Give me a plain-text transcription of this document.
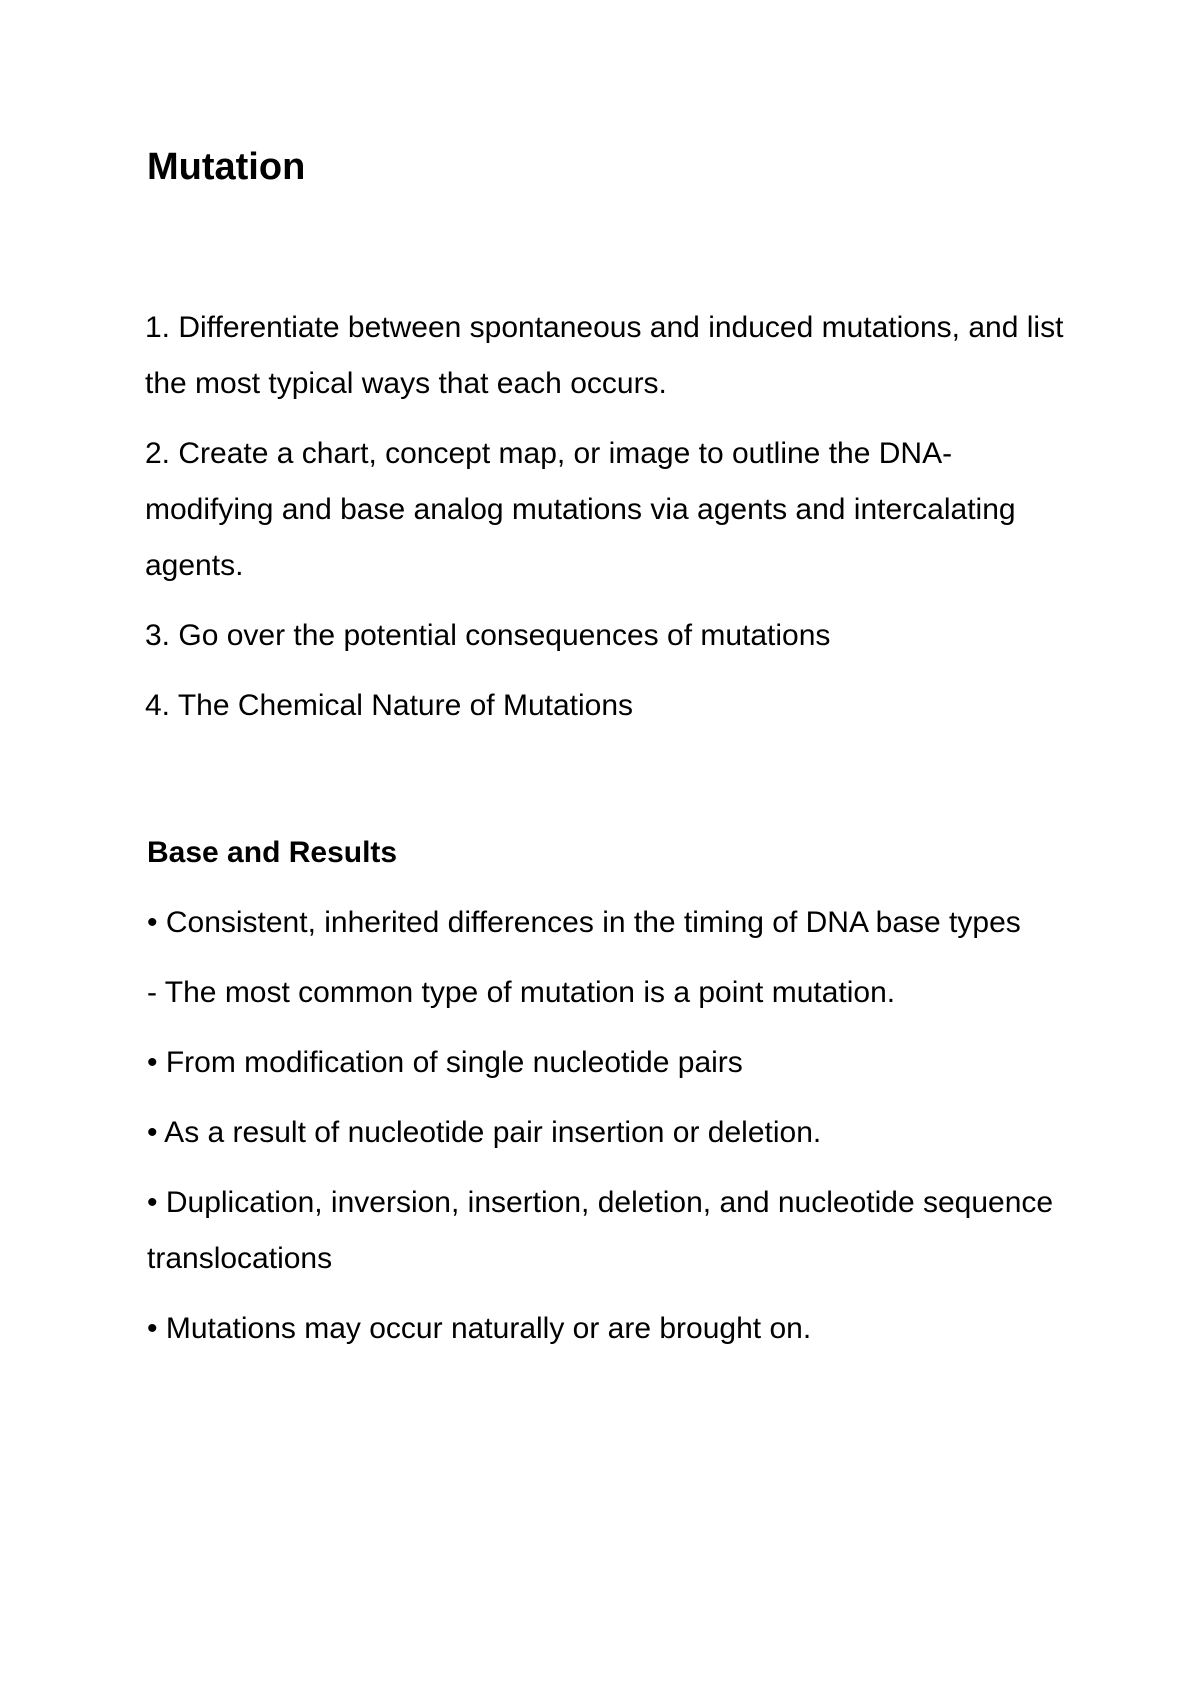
Mutation
1. Differentiate between spontaneous and induced mutations, and list the most typical ways that each occurs.
2. Create a chart, concept map, or image to outline the DNA-modifying and base analog mutations via agents and intercalating agents.
3. Go over the potential consequences of mutations
4. The Chemical Nature of Mutations
Base and Results
• Consistent, inherited differences in the timing of DNA base types
- The most common type of mutation is a point mutation.
• From modification of single nucleotide pairs
• As a result of nucleotide pair insertion or deletion.
• Duplication, inversion, insertion, deletion, and nucleotide sequence translocations
• Mutations may occur naturally or are brought on.
